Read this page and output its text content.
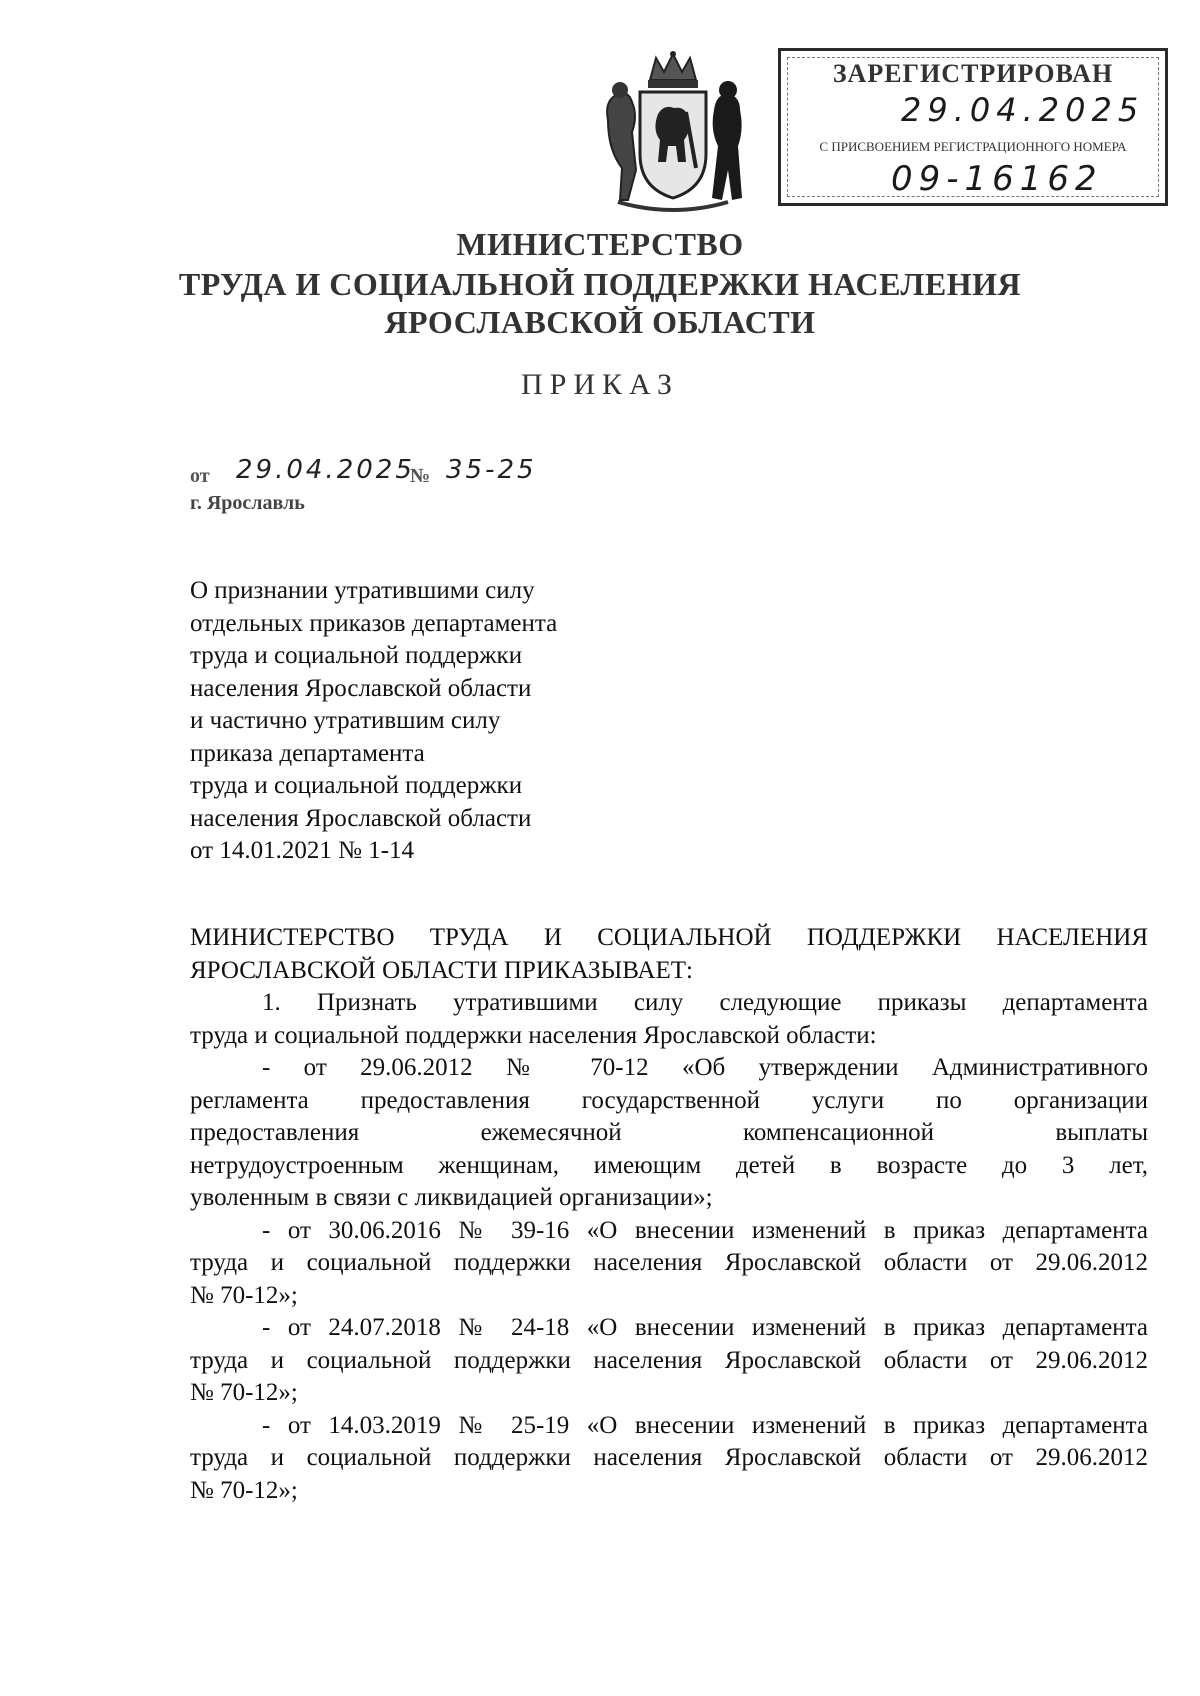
ЗАРЕГИСТРИРОВАН
29.04.2025
С ПРИСВОЕНИЕМ РЕГИСТРАЦИОННОГО НОМЕРА
09-16162
МИНИСТЕРСТВО
ТРУДА И СОЦИАЛЬНОЙ ПОДДЕРЖКИ НАСЕЛЕНИЯ
ЯРОСЛАВСКОЙ ОБЛАСТИ
ПРИКАЗ
от 29.04.2025
№ 35-25
г. Ярославль
О признании утратившими силу
отдельных приказов департамента
труда и социальной поддержки
населения Ярославской области
и частично утратившим силу
приказа департамента
труда и социальной поддержки
населения Ярославской области
от 14.01.2021 № 1-14
МИНИСТЕРСТВО ТРУДА И СОЦИАЛЬНОЙ ПОДДЕРЖКИ НАСЕЛЕНИЯ
ЯРОСЛАВСКОЙ ОБЛАСТИ ПРИКАЗЫВАЕТ:
1. Признать утратившими силу следующие приказы департамента
труда и социальной поддержки населения Ярославской области:
- от 29.06.2012 № 70-12 «Об утверждении Административного
регламента предоставления государственной услуги по организации
предоставления ежемесячной компенсационной выплаты
нетрудоустроенным женщинам, имеющим детей в возрасте до 3 лет,
уволенным в связи с ликвидацией организации»;
- от 30.06.2016 № 39-16 «О внесении изменений в приказ департамента
труда и социальной поддержки населения Ярославской области от 29.06.2012
№ 70-12»;
- от 24.07.2018 № 24-18 «О внесении изменений в приказ департамента
труда и социальной поддержки населения Ярославской области от 29.06.2012
№ 70-12»;
- от 14.03.2019 № 25-19 «О внесении изменений в приказ департамента
труда и социальной поддержки населения Ярославской области от 29.06.2012
№ 70-12»;
